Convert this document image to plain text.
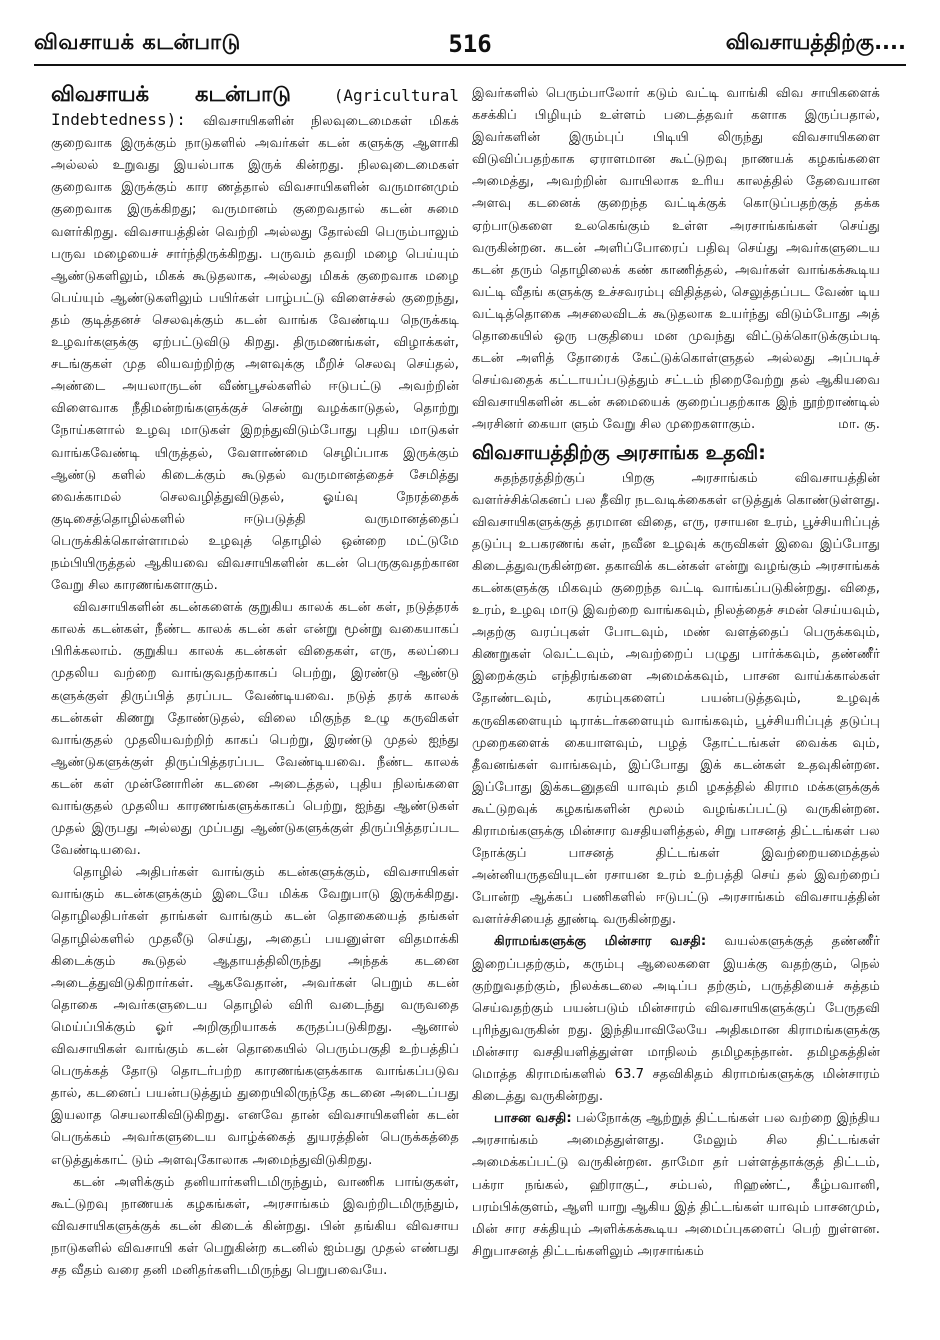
விவசாயக் கடன்பாடு	516	விவசாயத்திற்கு....

விவசாயக் கடன்பாடு	(Agricultural Indebtedness): விவசாயிகளின் நிலவுடைமைகள் மிகக் குறைவாக இருக்கும் நாடுகளில் அவர்கள் கடன் களுக்கு ஆளாகி அல்லல் உறுவது இயல்பாக இருக் கின்றது. நிலவுடைமைகள் குறைவாக இருக்கும் கார ணத்தால் விவசாயிகளின் வருமானமும் குறைவாக இருக்கிறது; வருமானம் குறைவதால் கடன் சுமை வளர்கிறது. விவசாயத்தின் வெற்றி அல்லது தோல்வி பெரும்பாலும் பருவ மழையைச் சார்ந்திருக்கிறது. பருவம் தவறி மழை பெய்யும் ஆண்டுகளிலும், மிகக் கூடுதலாக, அல்லது மிகக் குறைவாக மழை பெய்யும் ஆண்டுகளிலும் பயிர்கள் பாழ்பட்டு விளைச்சல் குறைந்து, தம் குடித்தனச் செலவுக்கும் கடன் வாங்க வேண்டிய நெருக்கடி உழவர்களுக்கு ஏற்பட்டுவிடு கிறது. திருமணங்கள், விழாக்கள், சடங்குகள் முத லியவற்றிற்கு அளவுக்கு மீறிச் செலவு செய்தல், அண்டை அயலாருடன் வீண்பூசல்களில் ஈடுபட்டு அவற்றின் விளைவாக நீதிமன்றங்களுக்குச் சென்று வழக்காடுதல், தொற்று நோய்களால் உழவு மாடுகள் இறந்துவிடும்போது புதிய மாடுகள் வாங்கவேண்டி யிருத்தல், வேளாண்மை செழிப்பாக இருக்கும் ஆண்டு களில் கிடைக்கும் கூடுதல் வருமானத்தைச் சேமித்து வைக்காமல் செலவழித்துவிடுதல், ஓய்வு நேரத்தைக் குடிசைத்தொழில்களில் ஈடுபடுத்தி வருமானத்தைப் பெருக்கிக்கொள்ளாமல் உழவுத் தொழில் ஒன்றை மட்டுமே நம்பியிருத்தல் ஆகியவை விவசாயிகளின் கடன் பெருகுவதற்கான வேறு சில காரணங்களாகும்.

விவசாயிகளின் கடன்களைக் குறுகிய காலக் கடன் கள், நடுத்தரக் காலக் கடன்கள், நீண்ட காலக் கடன் கள் என்று மூன்று வகையாகப் பிரிக்கலாம். குறுகிய காலக் கடன்கள் விதைகள், எரு, கலப்பை முதலிய வற்றை வாங்குவதற்காகப் பெற்று, இரண்டு ஆண்டு களுக்குள் திருப்பித் தரப்பட வேண்டியவை. நடுத் தரக் காலக் கடன்கள் கிணறு தோண்டுதல், விலை மிகுந்த உழு கருவிகள் வாங்குதல் முதலியவற்றிற் காகப் பெற்று, இரண்டு முதல் ஐந்து ஆண்டுகளுக்குள் திருப்பித்தரப்பட வேண்டியவை. நீண்ட காலக் கடன் கள் முன்னோரின் கடனை அடைத்தல், புதிய நிலங்களை வாங்குதல் முதலிய காரணங்களுக்காகப் பெற்று, ஐந்து ஆண்டுகள் முதல் இருபது அல்லது முப்பது ஆண்டுகளுக்குள் திருப்பித்தரப்பட வேண்டியவை.

தொழில் அதிபர்கள் வாங்கும் கடன்களுக்கும், விவசாயிகள் வாங்கும் கடன்களுக்கும் இடையே மிக்க வேறுபாடு இருக்கிறது. தொழிலதிபர்கள் தாங்கள் வாங்கும் கடன் தொகையைத் தங்கள் தொழில்களில் முதலீடு செய்து, அதைப் பயனுள்ள விதமாக்கி கிடைக்கும் கூடுதல் ஆதாயத்திலிருந்து அந்தக் கடனை அடைத்துவிடுகிறார்கள். ஆகவேதான், அவர்கள் பெறும் கடன் தொகை அவர்களுடைய தொழில் விரி வடைந்து வருவதை மெய்ப்பிக்கும் ஓர் அறிகுறியாகக் கருதப்படுகிறது. ஆனால் விவசாயிகள் வாங்கும் கடன் தொகையில் பெரும்பகுதி உற்பத்திப் பெருக்கத் தோடு தொடர்பற்ற காரணங்களுக்காக வாங்கப்படுவ தால், கடனைப் பயன்படுத்தும் துறையிலிருந்தே கடனை அடைப்பது இயலாத செயலாகிவிடுகிறது. எனவே தான் விவசாயிகளின் கடன் பெருக்கம் அவர்களுடைய வாழ்க்கைத் துயரத்தின் பெருக்கத்தை எடுத்துக்காட் டும் அளவுகோலாக அமைந்துவிடுகிறது.

கடன் அளிக்கும் தனியார்களிடமிருந்தும், வாணிக பாங்குகள், கூட்டுறவு நாணயக் கழகங்கள், அரசாங்கம் இவற்றிடமிருந்தும், விவசாயிகளுக்குக் கடன் கிடைக் கின்றது. பின் தங்கிய விவசாய நாடுகளில் விவசாயி கள் பெறுகின்ற கடனில் ஐம்பது முதல் எண்பது சத வீதம் வரை தனி மனிதர்களிடமிருந்து பெறுபவையே.

இவர்களில் பெரும்பாலோர் கடும் வட்டி வாங்கி விவ சாயிகளைக் கசக்கிப் பிழியும் உள்ளம் படைத்தவர் களாக இருப்பதால், இவர்களின் இரும்புப் பிடியி லிருந்து விவசாயிகளை விடுவிப்பதற்காக ஏராளமான கூட்டுறவு நாணயக் கழகங்களை அமைத்து, அவற்றின் வாயிலாக உரிய காலத்தில் தேவையான அளவு கடனைக் குறைந்த வட்டிக்குக் கொடுப்பதற்குத் தக்க ஏற்பாடுகளை உலகெங்கும் உள்ள அரசாங்கங்கள் செய்து வருகின்றன. கடன் அளிப்போரைப் பதிவு செய்து அவர்களுடைய கடன் தரும் தொழிலைக் கண் காணித்தல், அவர்கள் வாங்கக்கூடிய வட்டி வீதங் களுக்கு உச்சவரம்பு விதித்தல், செலுத்தப்பட வேண் டிய வட்டித்தொகை அசலைவிடக் கூடுதலாக உயர்ந்து விடும்போது அத் தொகையில் ஒரு பகுதியை மன முவந்து விட்டுக்கொடுக்கும்படி கடன் அளித் தோரைக் கேட்டுக்கொள்ளுதல் அல்லது அப்படிச் செய்வதைக் கட்டாயப்படுத்தும் சட்டம் நிறைவேற்று தல் ஆகியவை விவசாயிகளின் கடன் சுமையைக் குறைப்பதற்காக இந் நூற்றாண்டில் அரசினர் கையா ளும் வேறு சில முறைகளாகும்.	மா. கு.

விவசாயத்திற்கு அரசாங்க உதவி:

சுதந்தரத்திற்குப் பிறகு அரசாங்கம் விவசாயத்தின் வளர்ச்சிக்கெனப் பல தீவிர நடவடிக்கைகள் எடுத்துக் கொண்டுள்ளது. விவசாயிகளுக்குத் தரமான விதை, எரு, ரசாயன உரம், பூச்சியரிப்புத் தடுப்பு உபகரணங் கள், நவீன உழவுக் கருவிகள் இவை இப்போது கிடைத்துவருகின்றன. தகாவிக் கடன்கள் என்று வழங்கும் அரசாங்கக் கடன்களுக்கு மிகவும் குறைந்த வட்டி வாங்கப்படுகின்றது. விதை, உரம், உழவு மாடு இவற்றை வாங்கவும், நிலத்தைச் சமன் செய்யவும், அதற்கு வரப்புகள் போடவும், மண் வளத்தைப் பெருக்கவும், கிணறுகள் வெட்டவும், அவற்றைப் பழுது பார்க்கவும், தண்ணீர் இறைக்கும் எந்திரங்களை அமைக்கவும், பாசன வாய்க்கால்கள் தோண்டவும், கரம்புகளைப் பயன்படுத்தவும், உழவுக் கருவிகளையும் டிராக்டர்களையும் வாங்கவும், பூச்சியரிப்புத் தடுப்பு முறைகளைக் கையாளவும், பழத் தோட்டங்கள் வைக்க வும், தீவனங்கள் வாங்கவும், இப்போது இக் கடன்கள் உதவுகின்றன. இப்போது இக்கடனுதவி யாவும் தமி ழகத்தில் கிராம மக்களுக்குக் கூட்டுறவுக் கழகங்களின் மூலம் வழங்கப்பட்டு வருகின்றன. கிராமங்களுக்கு மின்சார வசதியளித்தல், சிறு பாசனத் திட்டங்கள் பல நோக்குப் பாசனத் திட்டங்கள் இவற்றையமைத்தல் அன்னியருதவியுடன் ரசாயன உரம் உற்பத்தி செய் தல் இவற்றைப் போன்ற ஆக்கப் பணிகளில் ஈடுபட்டு அரசாங்கம் விவசாயத்தின் வளர்ச்சியைத் தூண்டி வருகின்றது.

கிராமங்களுக்கு மின்சார வசதி: வயல்களுக்குத் தண்ணீர் இறைப்பதற்கும், கரும்பு ஆலைகளை இயக்கு வதற்கும், நெல் குற்றுவதற்கும், நிலக்கடலை அடிப்ப தற்கும், பருத்தியைச் சுத்தம் செய்வதற்கும் பயன்படும் மின்சாரம் விவசாயிகளுக்குப் பேருதவி புரிந்துவருகின் றது. இந்தியாவிலேயே அதிகமான கிராமங்களுக்கு மின்சார வசதியளித்துள்ள மாநிலம் தமிழகந்தான். தமிழகத்தின் மொத்த கிராமங்களில் 63.7 சதவிகிதம் கிராமங்களுக்கு மின்சாரம் கிடைத்து வருகின்றது.

பாசன வசதி: பல்நோக்கு ஆற்றுத் திட்டங்கள் பல வற்றை இந்திய அரசாங்கம் அமைத்துள்ளது. மேலும் சில திட்டங்கள் அமைக்கப்பட்டு வருகின்றன. தாமோ தர் பள்ளத்தாக்குத் திட்டம், பக்ரா நங்கல், ஹிராகுட், சம்பல், ரிஹண்ட், கீழ்பவானி, பரம்பிக்குளம், ஆளி யாறு ஆகிய இத் திட்டங்கள் யாவும் பாசனமும், மின் சார சக்தியும் அளிக்கக்கூடிய அமைப்புகளைப் பெற் றுள்ளன. சிறுபாசனத் திட்டங்களிலும் அரசாங்கம்
